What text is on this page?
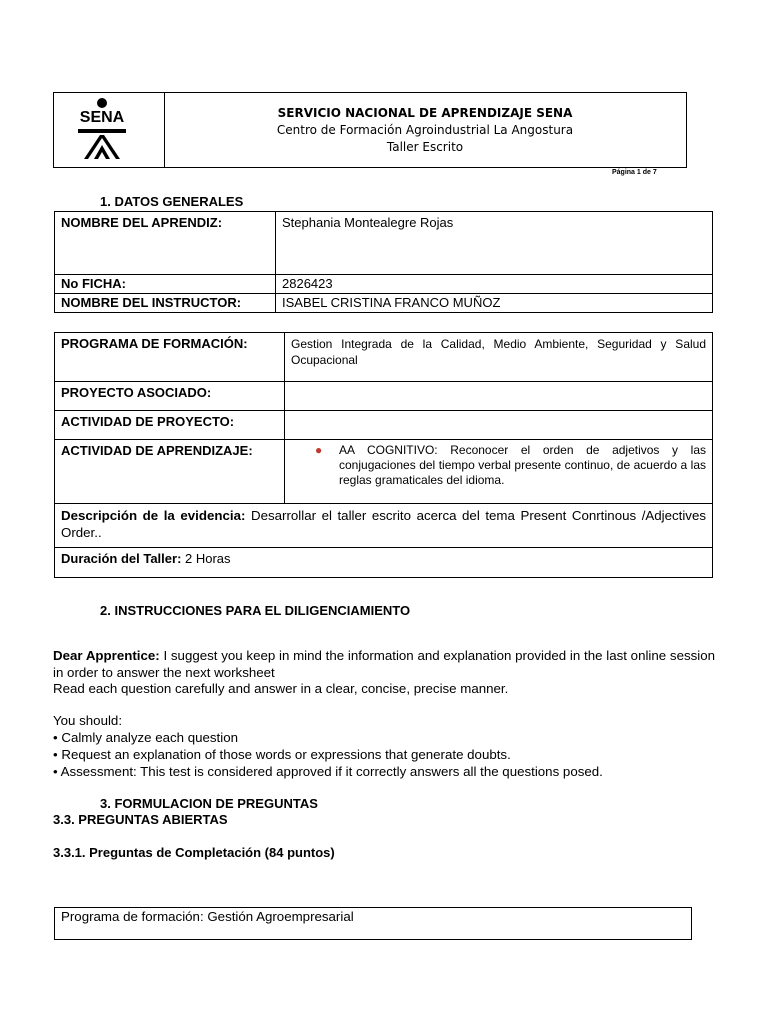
SENA	SERVICIO NACIONAL DE APRENDIZAJE SENA
Centro de Formación Agroindustrial La Angostura
Taller Escrito
Página 1 de 7
1. DATOS GENERALES
NOMBRE DEL APRENDIZ:	Stephania Montealegre Rojas
No FICHA:	2826423
NOMBRE DEL INSTRUCTOR:	ISABEL CRISTINA FRANCO MUÑOZ
PROGRAMA DE FORMACIÓN:	Gestion Integrada de la Calidad, Medio Ambiente, Seguridad y Salud Ocupacional
PROYECTO ASOCIADO:	
ACTIVIDAD DE PROYECTO:	
ACTIVIDAD DE APRENDIZAJE:	● AA COGNITIVO: Reconocer el orden de adjetivos y las conjugaciones del tiempo verbal presente continuo, de acuerdo a las reglas gramaticales del idioma.

Descripción de la evidencia: Desarrollar el taller escrito acerca del tema Present Conrtinous /Adjectives Order..	
Duración del Taller: 2 Horas	
2. INSTRUCCIONES PARA EL DILIGENCIAMIENTO
Dear Apprentice: I suggest you keep in mind the information and explanation provided in the last online session in order to answer the next worksheet
Read each question carefully and answer in a clear, concise, precise manner.
You should:
• Calmly analyze each question
• Request an explanation of those words or expressions that generate doubts.
• Assessment: This test is considered approved if it correctly answers all the questions posed.
3. FORMULACION DE PREGUNTAS
3.3. PREGUNTAS ABIERTAS
3.3.1. Preguntas de Completación (84 puntos)
Programa de formación: Gestión Agroempresarial
